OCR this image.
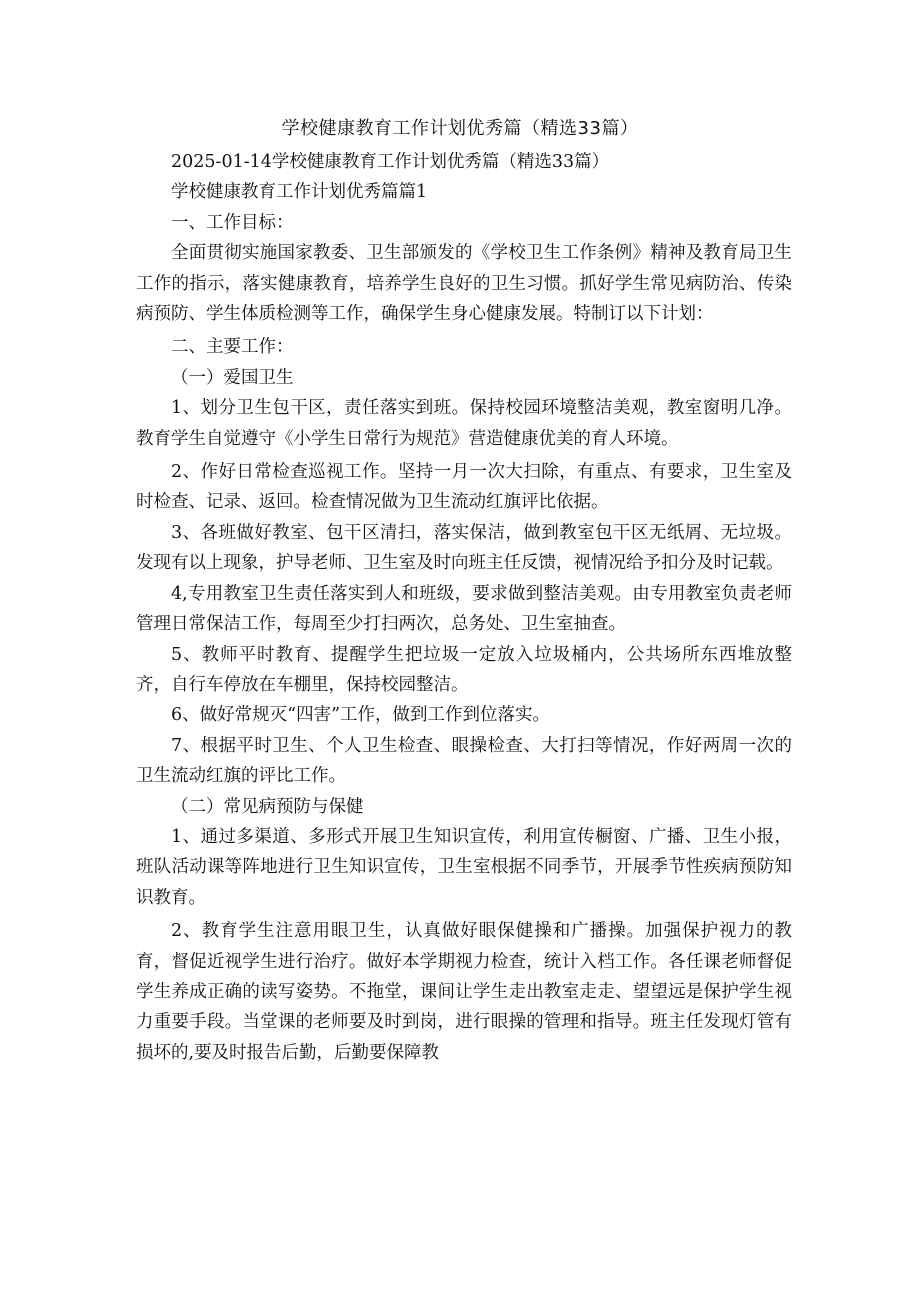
学校健康教育工作计划优秀篇（精选33篇）

2025-01-14学校健康教育工作计划优秀篇（精选33篇）

学校健康教育工作计划优秀篇篇1

一、工作目标：

全面贯彻实施国家教委、卫生部颁发的《学校卫生工作条例》精神及教育局卫生工作的指示，落实健康教育，培养学生良好的卫生习惯。抓好学生常见病防治、传染病预防、学生体质检测等工作，确保学生身心健康发展。特制订以下计划：

二、主要工作：

（一）爱国卫生

1、划分卫生包干区，责任落实到班。保持校园环境整洁美观，教室窗明几净。教育学生自觉遵守《小学生日常行为规范》营造健康优美的育人环境。

2、作好日常检查巡视工作。坚持一月一次大扫除，有重点、有要求，卫生室及时检查、记录、返回。检查情况做为卫生流动红旗评比依据。

3、各班做好教室、包干区清扫，落实保洁，做到教室包干区无纸屑、无垃圾。发现有以上现象，护导老师、卫生室及时向班主任反馈，视情况给予扣分及时记载。

4,专用教室卫生责任落实到人和班级，要求做到整洁美观。由专用教室负责老师管理日常保洁工作，每周至少打扫两次，总务处、卫生室抽查。

5、教师平时教育、提醒学生把垃圾一定放入垃圾桶内，公共场所东西堆放整齐，自行车停放在车棚里，保持校园整洁。

6、做好常规灭“四害”工作，做到工作到位落实。

7、根据平时卫生、个人卫生检查、眼操检查、大打扫等情况，作好两周一次的卫生流动红旗的评比工作。

（二）常见病预防与保健

1、通过多渠道、多形式开展卫生知识宣传，利用宣传橱窗、广播、卫生小报，班队活动课等阵地进行卫生知识宣传，卫生室根据不同季节，开展季节性疾病预防知识教育。

2、教育学生注意用眼卫生，认真做好眼保健操和广播操。加强保护视力的教育，督促近视学生进行治疗。做好本学期视力检查，统计入档工作。各任课老师督促学生养成正确的读写姿势。不拖堂，课间让学生走出教室走走、望望远是保护学生视力重要手段。当堂课的老师要及时到岗，进行眼操的管理和指导。班主任发现灯管有损坏的,要及时报告后勤，后勤要保障教
